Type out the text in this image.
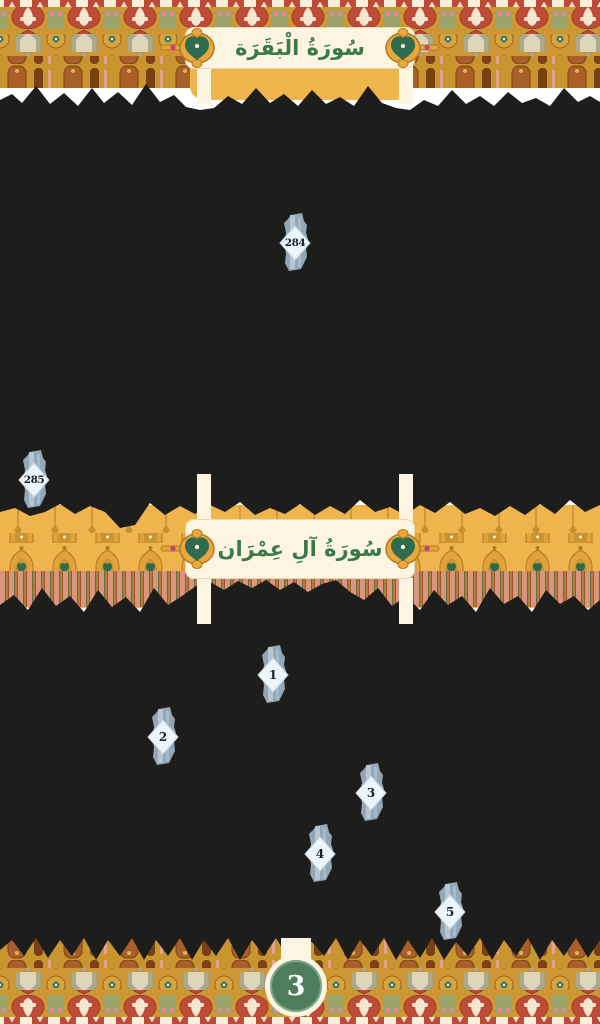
سُورَةُ الْبَقَرَة
سُورَةُ آلِ عِمْرَان
284
285
1
2
3
4
5
3
